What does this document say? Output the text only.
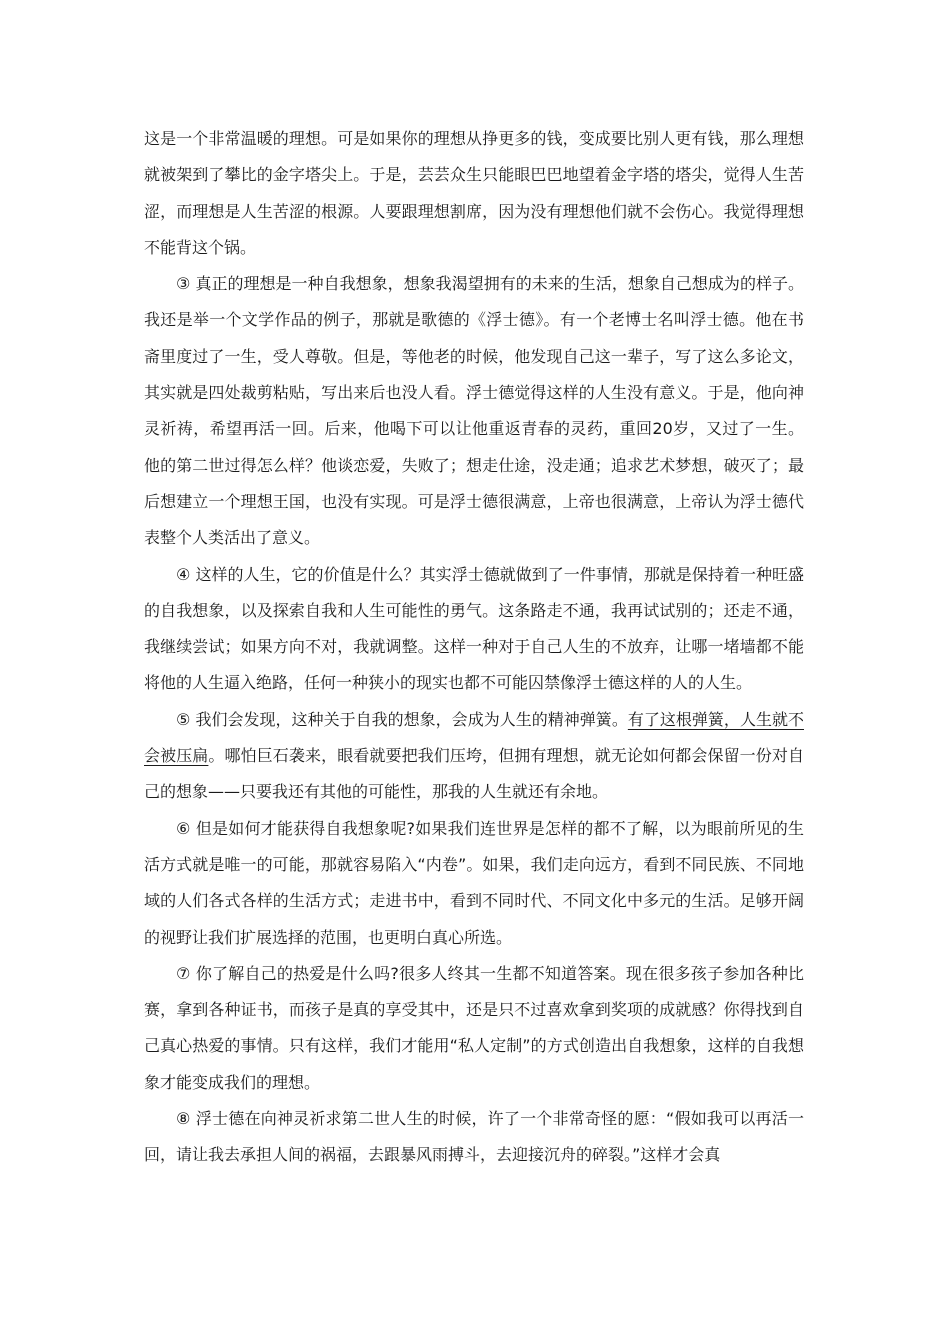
这是一个非常温暖的理想。可是如果你的理想从挣更多的钱，变成要比别人更有钱，那么理想就被架到了攀比的金字塔尖上。于是，芸芸众生只能眼巴巴地望着金字塔的塔尖，觉得人生苦涩，而理想是人生苦涩的根源。人要跟理想割席，因为没有理想他们就不会伤心。我觉得理想不能背这个锅。

③ 真正的理想是一种自我想象，想象我渴望拥有的未来的生活，想象自己想成为的样子。我还是举一个文学作品的例子，那就是歌德的《浮士德》。有一个老博士名叫浮士德。他在书斋里度过了一生，受人尊敬。但是，等他老的时候，他发现自己这一辈子，写了这么多论文，其实就是四处裁剪粘贴，写出来后也没人看。浮士德觉得这样的人生没有意义。于是，他向神灵祈祷，希望再活一回。后来，他喝下可以让他重返青春的灵药，重回20岁，又过了一生。他的第二世过得怎么样？他谈恋爱，失败了；想走仕途，没走通；追求艺术梦想，破灭了；最后想建立一个理想王国，也没有实现。可是浮士德很满意，上帝也很满意，上帝认为浮士德代表整个人类活出了意义。

④ 这样的人生，它的价值是什么？其实浮士德就做到了一件事情，那就是保持着一种旺盛的自我想象，以及探索自我和人生可能性的勇气。这条路走不通，我再试试别的；还走不通，我继续尝试；如果方向不对，我就调整。这样一种对于自己人生的不放弃，让哪一堵墙都不能将他的人生逼入绝路，任何一种狭小的现实也都不可能囚禁像浮士德这样的人的人生。

⑤ 我们会发现，这种关于自我的想象，会成为人生的精神弹簧。有了这根弹簧，人生就不会被压扁。哪怕巨石袭来，眼看就要把我们压垮，但拥有理想，就无论如何都会保留一份对自己的想象——只要我还有其他的可能性，那我的人生就还有余地。

⑥ 但是如何才能获得自我想象呢?如果我们连世界是怎样的都不了解，以为眼前所见的生活方式就是唯一的可能，那就容易陷入“内卷”。如果，我们走向远方，看到不同民族、不同地域的人们各式各样的生活方式；走进书中，看到不同时代、不同文化中多元的生活。足够开阔的视野让我们扩展选择的范围，也更明白真心所选。

⑦ 你了解自己的热爱是什么吗?很多人终其一生都不知道答案。现在很多孩子参加各种比赛，拿到各种证书，而孩子是真的享受其中，还是只不过喜欢拿到奖项的成就感？你得找到自己真心热爱的事情。只有这样，我们才能用“私人定制”的方式创造出自我想象，这样的自我想象才能变成我们的理想。

⑧ 浮士德在向神灵祈求第二世人生的时候，许了一个非常奇怪的愿：“假如我可以再活一回，请让我去承担人间的祸福，去跟暴风雨搏斗，去迎接沉舟的碎裂。”这样才会真
